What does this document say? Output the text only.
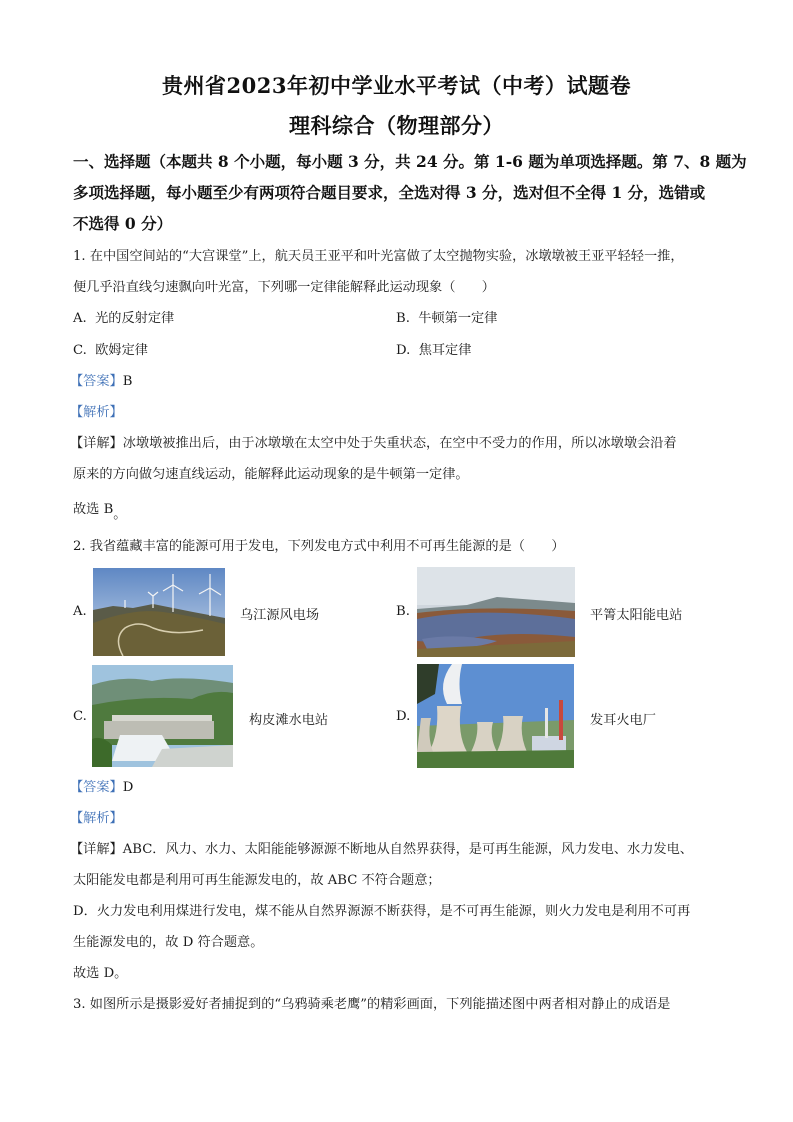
贵州省2023年初中学业水平考试（中考）试题卷
理科综合（物理部分）
一、选择题（本题共 8 个小题，每小题 3 分，共 24 分。第 1-6 题为单项选择题。第 7、8 题为
多项选择题，每小题至少有两项符合题目要求，全选对得 3 分，选对但不全得 1 分，选错或
不选得 0 分）
1. 在中国空间站的“大宫课堂”上，航天员王亚平和叶光富做了太空抛物实验，冰墩墩被王亚平轻轻一推，
便几乎沿直线匀速飘向叶光富，下列哪一定律能解释此运动现象（　　）
A. 光的反射定律	B. 牛顿第一定律
C. 欧姆定律	D. 焦耳定律
【答案】B
【解析】
【详解】冰墩墩被推出后，由于冰墩墩在太空中处于失重状态，在空中不受力的作用，所以冰墩墩会沿着
原来的方向做匀速直线运动，能解释此运动现象的是牛顿第一定律。
故选 B。
2. 我省蕴藏丰富的能源可用于发电，下列发电方式中利用不可再生能源的是（　　）
A.	乌江源风电场	B.	平箐太阳能电站
C.	构皮滩水电站	D.	发耳火电厂
【答案】D
【解析】
【详解】ABC．风力、水力、太阳能能够源源不断地从自然界获得，是可再生能源，风力发电、水力发电、
太阳能发电都是利用可再生能源发电的，故 ABC 不符合题意；
D．火力发电利用煤进行发电，煤不能从自然界源源不断获得，是不可再生能源，则火力发电是利用不可再
生能源发电的，故 D 符合题意。
故选 D。
3. 如图所示是摄影爱好者捕捉到的“乌鸦骑乘老鹰”的精彩画面，下列能描述图中两者相对静止的成语是
